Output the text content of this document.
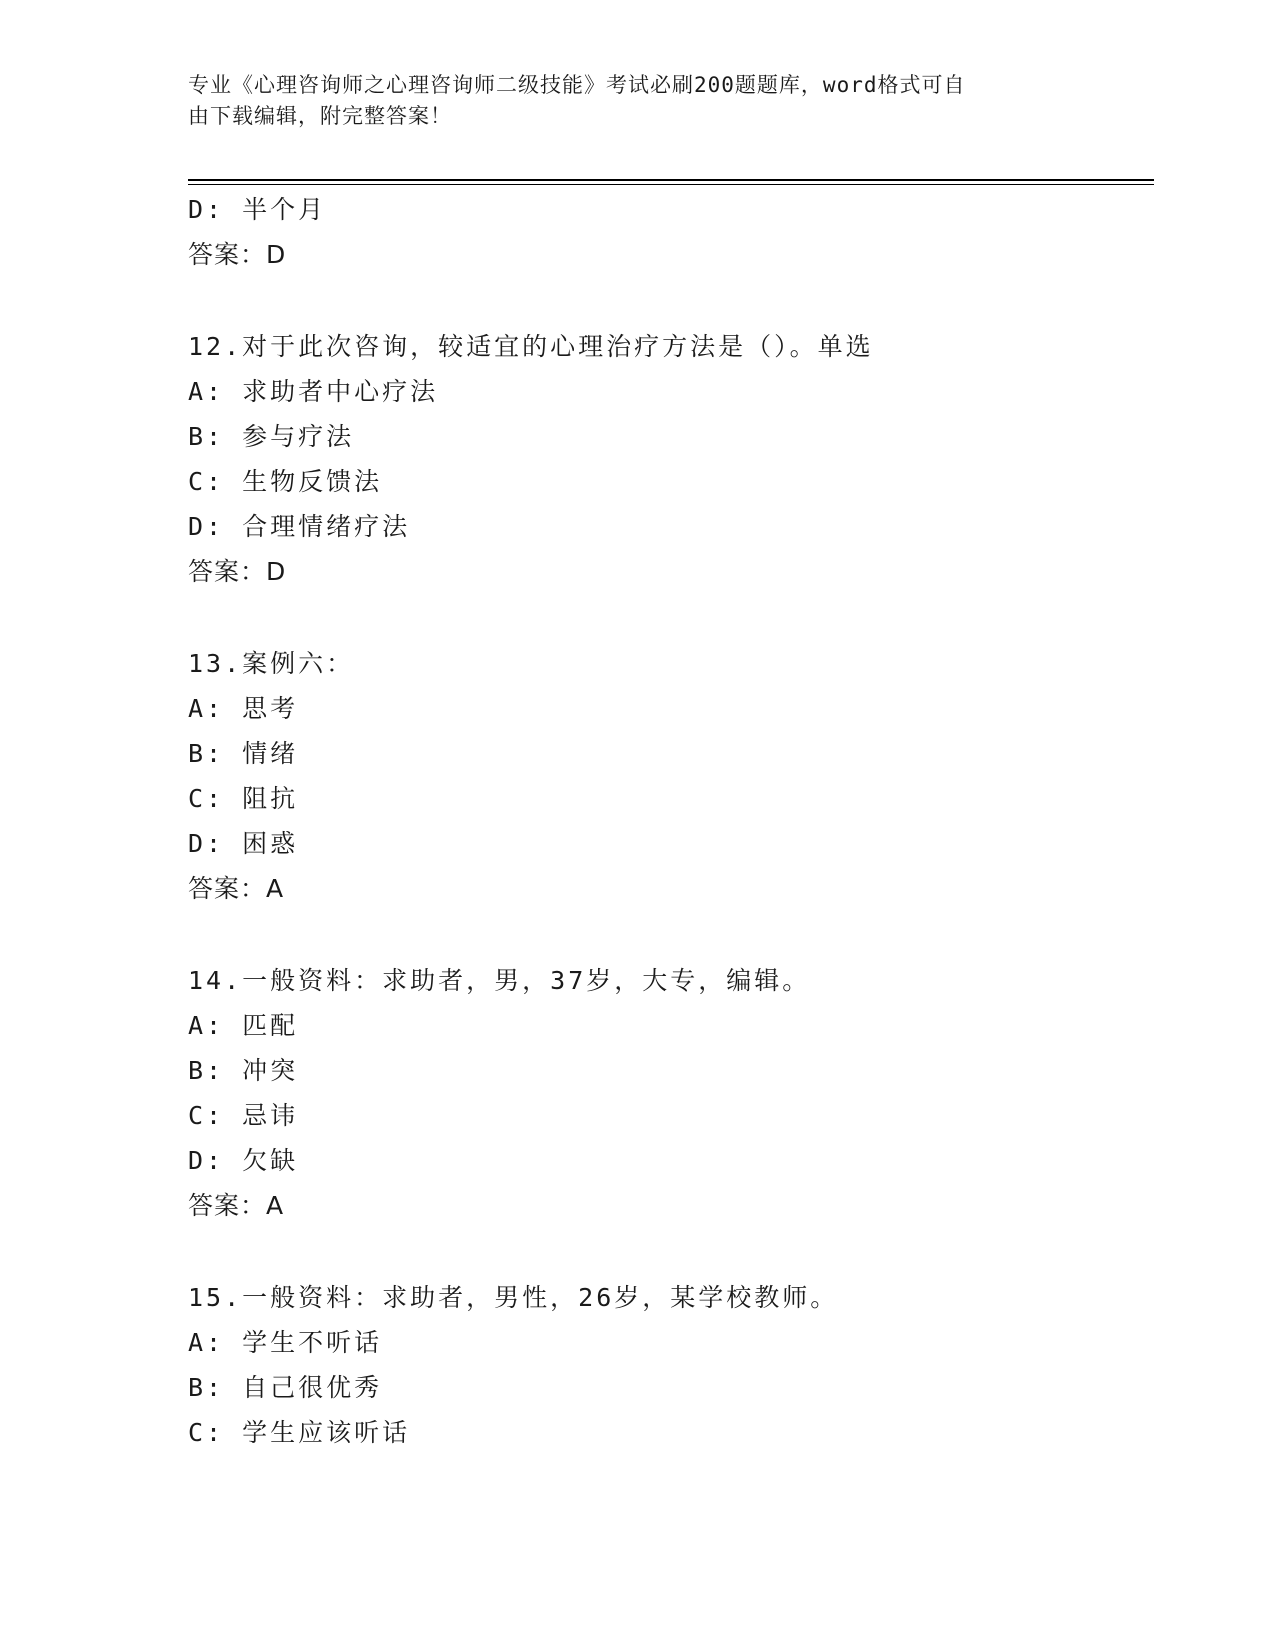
专业《心理咨询师之心理咨询师二级技能》考试必刷200题题库，word格式可自
由下载编辑，附完整答案！
D: 半个月
答案：D
12.对于此次咨询，较适宜的心理治疗方法是（）。单选
A: 求助者中心疗法
B: 参与疗法
C: 生物反馈法
D: 合理情绪疗法
答案：D
13.案例六：
A: 思考
B: 情绪
C: 阻抗
D: 困惑
答案：A
14.一般资料：求助者，男，37岁，大专，编辑。
A: 匹配
B: 冲突
C: 忌讳
D: 欠缺
答案：A
15.一般资料：求助者，男性，26岁，某学校教师。
A: 学生不听话
B: 自己很优秀
C: 学生应该听话
